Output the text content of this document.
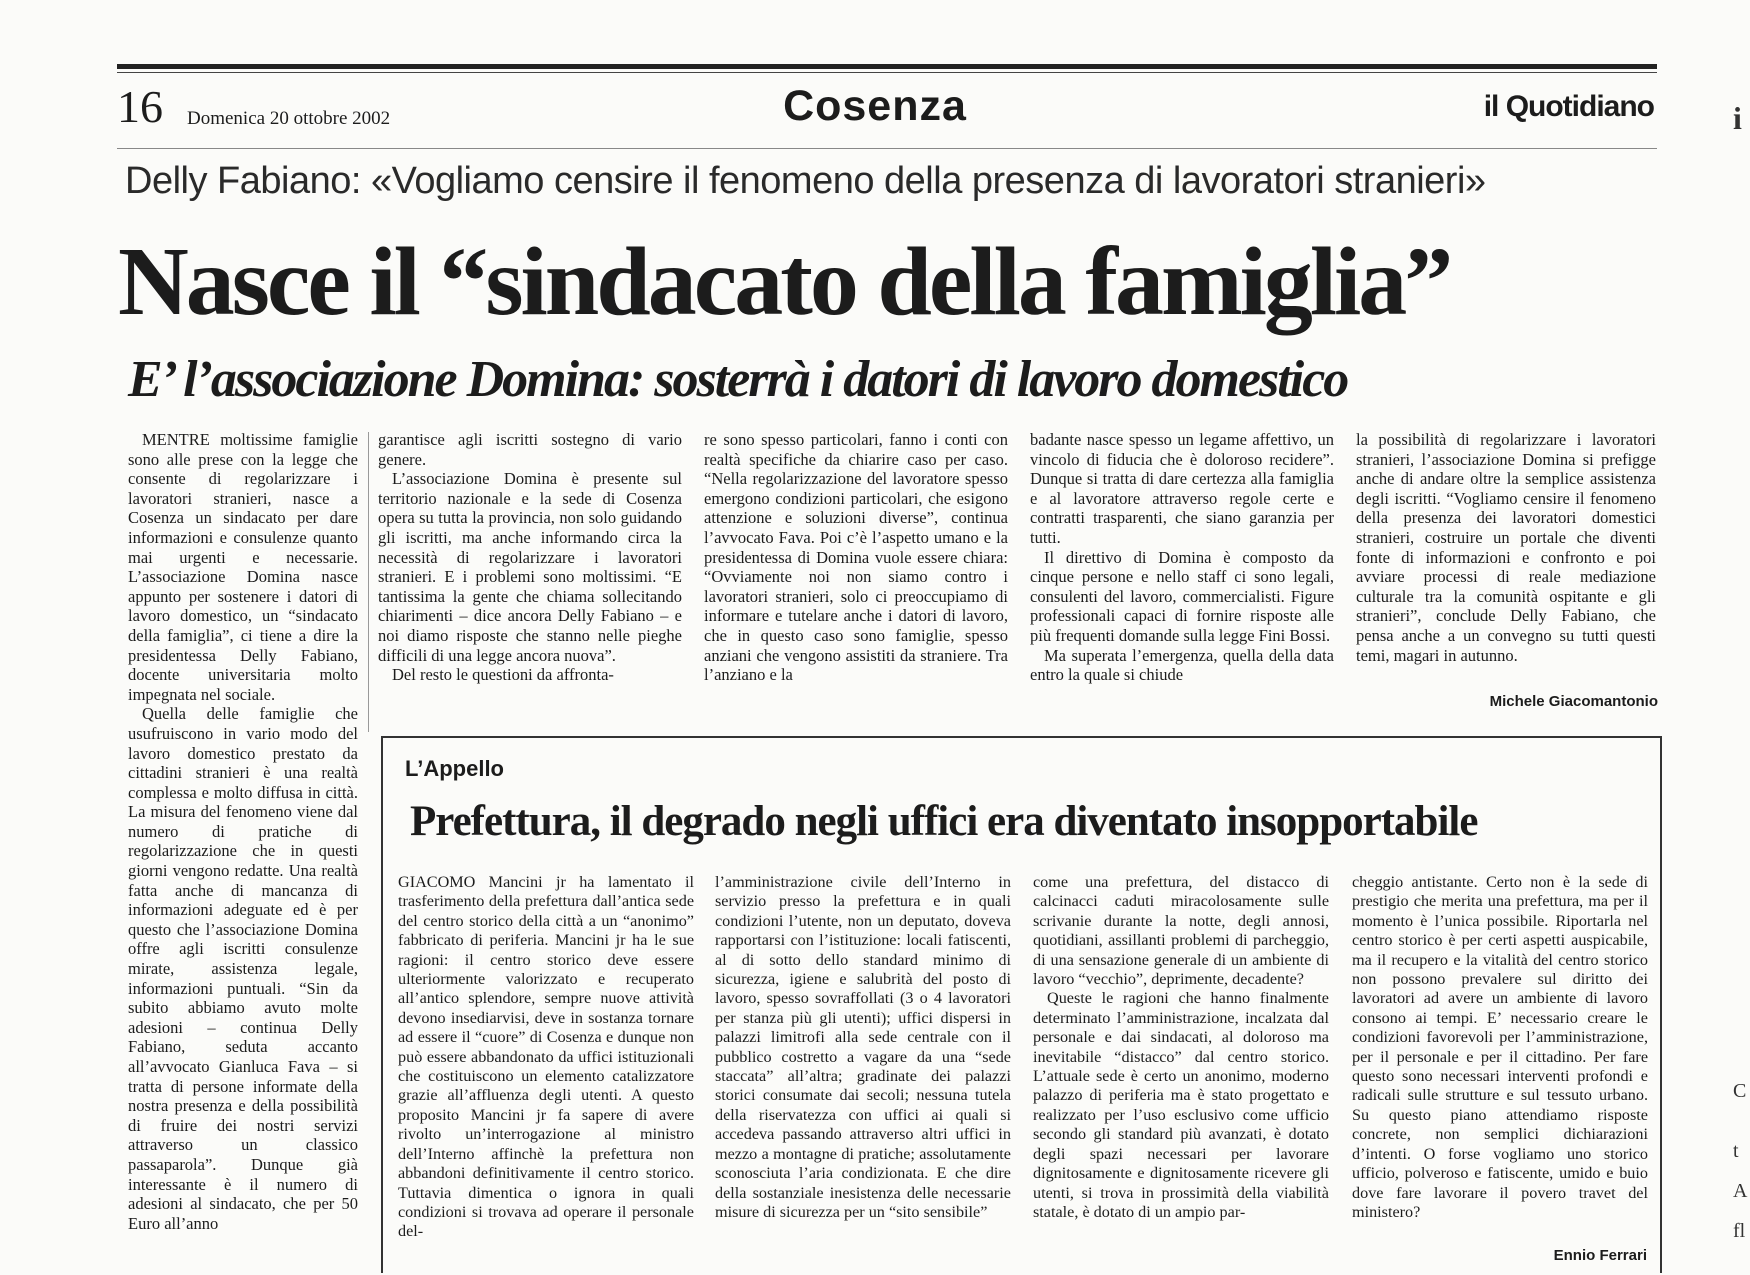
16 Domenica 20 ottobre 2002	Cosenza	il Quotidiano
Delly Fabiano: «Vogliamo censire il fenomeno della presenza di lavoratori stranieri»
Nasce il “sindacato della famiglia”
E’ l’associazione Domina: sosterrà i datori di lavoro domestico

MENTRE moltissime famiglie sono alle prese con la legge che consente di regolarizzare i lavoratori stranieri, nasce a Cosenza un sindacato per dare informazioni e consulenze quanto mai urgenti e necessarie. L’associazione Domina nasce appunto per sostenere i datori di lavoro domestico, un “sindacato della famiglia”, ci tiene a dire la presidentessa Delly Fabiano, docente universitaria molto impegnata nel sociale.

Quella delle famiglie che usufruiscono in vario modo del lavoro domestico prestato da cittadini stranieri è una realtà complessa e molto diffusa in città. La misura del fenomeno viene dal numero di pratiche di regolarizzazione che in questi giorni vengono redatte. Una realtà fatta anche di mancanza di informazioni adeguate ed è per questo che l’associazione Domina offre agli iscritti consulenze mirate, assistenza legale, informazioni puntuali. “Sin da subito abbiamo avuto molte adesioni – continua Delly Fabiano, seduta accanto all’avvocato Gianluca Fava – si tratta di persone informate della nostra presenza e della possibilità di fruire dei nostri servizi attraverso un classico passaparola”. Dunque già interessante è il numero di adesioni al sindacato, che per 50 Euro all’anno

garantisce agli iscritti sostegno di vario genere.

L’associazione Domina è presente sul territorio nazionale e la sede di Cosenza opera su tutta la provincia, non solo guidando gli iscritti, ma anche informando circa la necessità di regolarizzare i lavoratori stranieri. E i problemi sono moltissimi. “E tantissima la gente che chiama sollecitando chiarimenti – dice ancora Delly Fabiano – e noi diamo risposte che stanno nelle pieghe difficili di una legge ancora nuova”.

Del resto le questioni da affronta-

re sono spesso particolari, fanno i conti con realtà specifiche da chiarire caso per caso. “Nella regolarizzazione del lavoratore spesso emergono condizioni particolari, che esigono attenzione e soluzioni diverse”, continua l’avvocato Fava. Poi c’è l’aspetto umano e la presidentessa di Domina vuole essere chiara: “Ovviamente noi non siamo contro i lavoratori stranieri, solo ci preoccupiamo di informare e tutelare anche i datori di lavoro, che in questo caso sono famiglie, spesso anziani che vengono assistiti da straniere. Tra l’anziano e la

badante nasce spesso un legame affettivo, un vincolo di fiducia che è doloroso recidere”. Dunque si tratta di dare certezza alla famiglia e al lavoratore attraverso regole certe e contratti trasparenti, che siano garanzia per tutti.

Il direttivo di Domina è composto da cinque persone e nello staff ci sono legali, consulenti del lavoro, commercialisti. Figure professionali capaci di fornire risposte alle più frequenti domande sulla legge Fini Bossi.

Ma superata l’emergenza, quella della data entro la quale si chiude

la possibilità di regolarizzare i lavoratori stranieri, l’associazione Domina si prefigge anche di andare oltre la semplice assistenza degli iscritti. “Vogliamo censire il fenomeno della presenza dei lavoratori domestici stranieri, costruire un portale che diventi fonte di informazioni e confronto e poi avviare processi di reale mediazione culturale tra la comunità ospitante e gli stranieri”, conclude Delly Fabiano, che pensa anche a un convegno su tutti questi temi, magari in autunno.

Michele Giacomantonio
L’Appello
Prefettura, il degrado negli uffici era diventato insopportabile

GIACOMO Mancini jr ha lamentato il trasferimento della prefettura dall’antica sede del centro storico della città a un “anonimo” fabbricato di periferia. Mancini jr ha le sue ragioni: il centro storico deve essere ulteriormente valorizzato e recuperato all’antico splendore, sempre nuove attività devono insediarvisi, deve in sostanza tornare ad essere il “cuore” di Cosenza e dunque non può essere abbandonato da uffici istituzionali che costituiscono un elemento catalizzatore grazie all’affluenza degli utenti. A questo proposito Mancini jr fa sapere di avere rivolto un’interrogazione al ministro dell’Interno affinchè la prefettura non abbandoni definitivamente il centro storico. Tuttavia dimentica o ignora in quali condizioni si trovava ad operare il personale del-

l’amministrazione civile dell’Interno in servizio presso la prefettura e in quali condizioni l’utente, non un deputato, doveva rapportarsi con l’istituzione: locali fatiscenti, al di sotto dello standard minimo di sicurezza, igiene e salubrità del posto di lavoro, spesso sovraffollati (3 o 4 lavoratori per stanza più gli utenti); uffici dispersi in palazzi limitrofi alla sede centrale con il pubblico costretto a vagare da una “sede staccata” all’altra; gradinate dei palazzi storici consumate dai secoli; nessuna tutela della riservatezza con uffici ai quali si accedeva passando attraverso altri uffici in mezzo a montagne di pratiche; assolutamente sconosciuta l’aria condizionata. E che dire della sostanziale inesistenza delle necessarie misure di sicurezza per un “sito sensibile”

come una prefettura, del distacco di calcinacci caduti miracolosamente sulle scrivanie durante la notte, degli annosi, quotidiani, assillanti problemi di parcheggio, di una sensazione generale di un ambiente di lavoro “vecchio”, deprimente, decadente?

Queste le ragioni che hanno finalmente determinato l’amministrazione, incalzata dal personale e dai sindacati, al doloroso ma inevitabile “distacco” dal centro storico. L’attuale sede è certo un anonimo, moderno palazzo di periferia ma è stato progettato e realizzato per l’uso esclusivo come ufficio secondo gli standard più avanzati, è dotato degli spazi necessari per lavorare dignitosamente e dignitosamente ricevere gli utenti, si trova in prossimità della viabilità statale, è dotato di un ampio par-

cheggio antistante. Certo non è la sede di prestigio che merita una prefettura, ma per il momento è l’unica possibile. Riportarla nel centro storico è per certi aspetti auspicabile, ma il recupero e la vitalità del centro storico non possono prevalere sul diritto dei lavoratori ad avere un ambiente di lavoro consono ai tempi. E’ necessario creare le condizioni favorevoli per l’amministrazione, per il personale e per il cittadino. Per fare questo sono necessari interventi profondi e radicali sulle strutture e sul tessuto urbano. Su questo piano attendiamo risposte concrete, non semplici dichiarazioni d’intenti. O forse vogliamo uno storico ufficio, polveroso e fatiscente, umido e buio dove fare lavorare il povero travet del ministero?

Ennio Ferrari
i
C
t
A
fl
